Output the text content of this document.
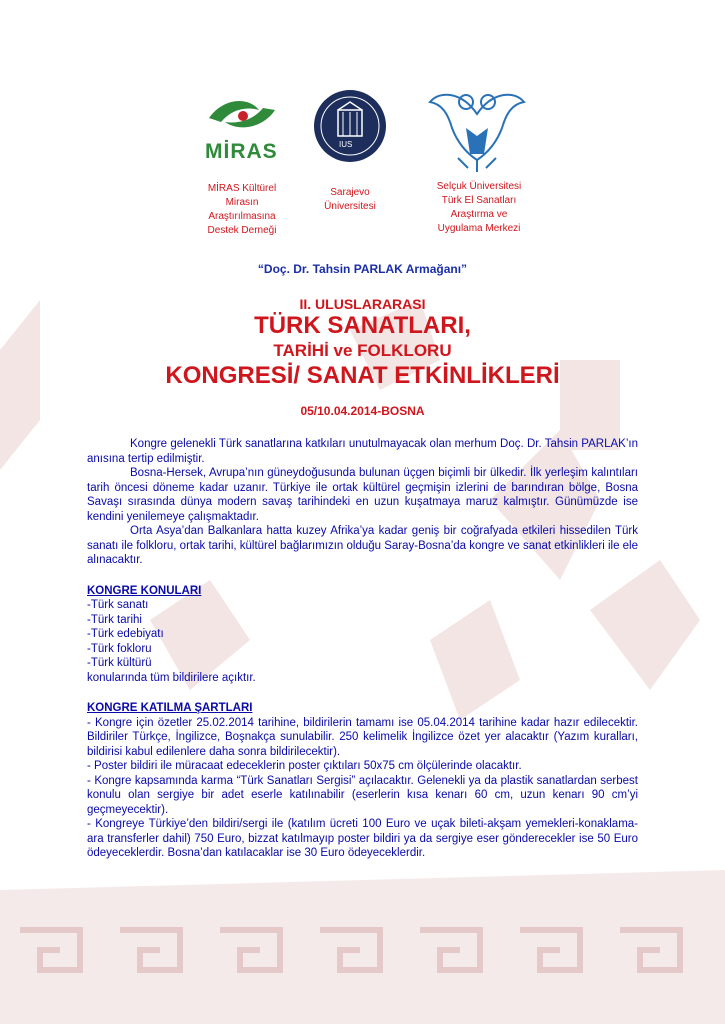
MİRAS	IUS
MİRAS Kültürel
Mirasın
Araştırılmasına
Destek Derneği
Sarajevo
Üniversitesi
Selçuk Üniversitesi
Türk El Sanatları
Araştırma ve
Uygulama Merkezi

“Doç. Dr. Tahsin PARLAK Armağanı”

II. ULUSLARARASI

TÜRK SANATLARI,

TARİHİ ve FOLKLORU

KONGRESİ/ SANAT ETKİNLİKLERİ

05/10.04.2014-BOSNA

Kongre gelenekli Türk sanatlarına katkıları unutulmayacak olan merhum Doç. Dr. Tahsin PARLAK’ın anısına tertip edilmiştir.

Bosna-Hersek, Avrupa’nın güneydoğusunda bulunan üçgen biçimli bir ülkedir. İlk yerleşim kalıntıları tarih öncesi döneme kadar uzanır. Türkiye ile ortak kültürel geçmişin izlerini de barındıran bölge, Bosna Savaşı sırasında dünya modern savaş tarihindeki en uzun kuşatmaya maruz kalmıştır. Günümüzde ise kendini yenilemeye çalışmaktadır.

Orta Asya’dan Balkanlara hatta kuzey Afrika’ya kadar geniş bir coğrafyada etkileri hissedilen Türk sanatı ile folkloru, ortak tarihi, kültürel bağlarımızın olduğu Saray-Bosna’da kongre ve sanat etkinlikleri ile ele alınacaktır.

KONGRE KONULARI

-Türk sanatı

-Türk tarihi

-Türk edebiyatı

-Türk fokloru

-Türk kültürü

konularında tüm bildirilere açıktır.

KONGRE KATILMA ŞARTLARI

- Kongre için özetler 25.02.2014 tarihine, bildirilerin tamamı ise 05.04.2014 tarihine kadar hazır edilecektir. Bildiriler Türkçe, İngilizce, Boşnakça sunulabilir. 250 kelimelik İngilizce özet yer alacaktır (Yazım kuralları, bildirisi kabul edilenlere daha sonra bildirilecektir).

- Poster bildiri ile müracaat edeceklerin poster çıktıları 50x75 cm ölçülerinde olacaktır.

- Kongre kapsamında karma “Türk Sanatları Sergisi” açılacaktır. Gelenekli ya da plastik sanatlardan serbest konulu olan sergiye bir adet eserle katılınabilir (eserlerin kısa kenarı 60 cm, uzun kenarı 90 cm’yi geçmeyecektir).

- Kongreye Türkiye’den bildiri/sergi ile (katılım ücreti 100 Euro ve uçak bileti-akşam yemekleri-konaklama-ara transferler dahil) 750 Euro, bizzat katılmayıp poster bildiri ya da sergiye eser gönderecekler ise 50 Euro ödeyeceklerdir. Bosna’dan katılacaklar ise 30 Euro ödeyeceklerdir.
